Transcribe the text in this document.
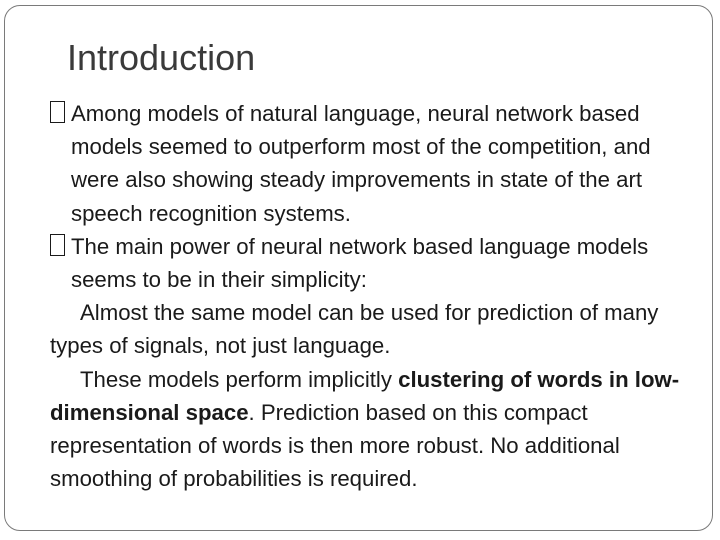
Introduction

Among models of natural language, neural network based models seemed to outperform most of the competition, and were also showing steady improvements in state of the art speech recognition systems.

The main power of neural network based language models seems to be in their simplicity:

Almost the same model can be used for prediction of many types of signals, not just language.

These models perform implicitly clustering of words in low-dimensional space. Prediction based on this compact representation of words is then more robust. No additional smoothing of probabilities is required.
